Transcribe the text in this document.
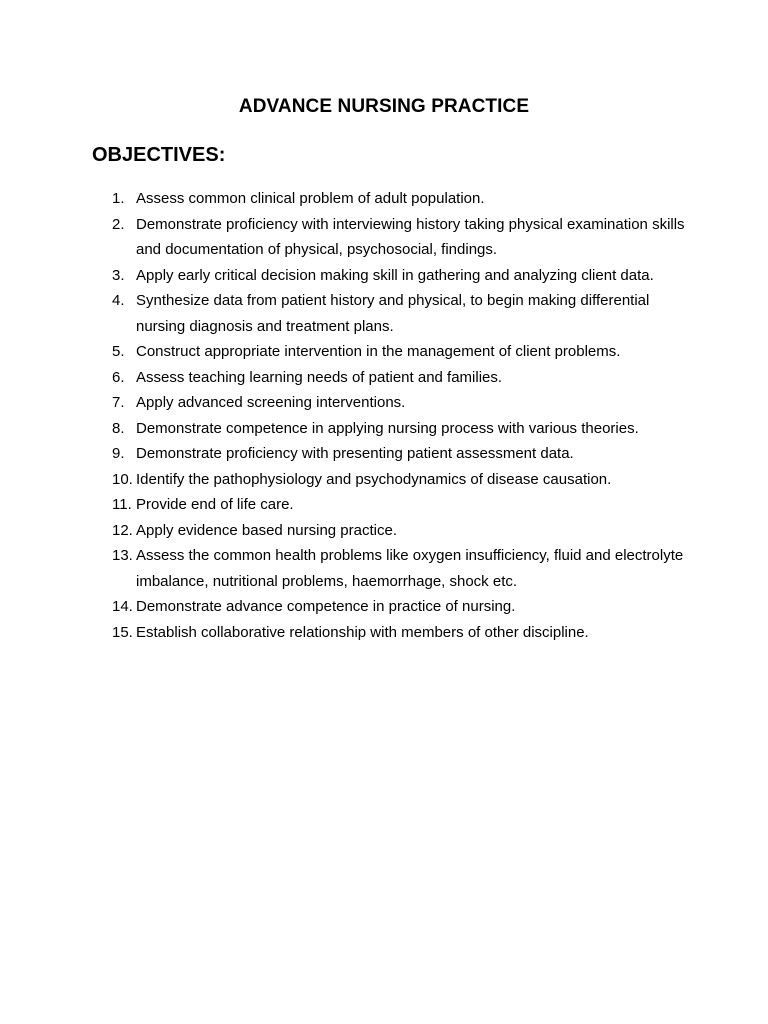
ADVANCE NURSING PRACTICE
OBJECTIVES:
1. Assess common clinical problem of adult population.
2. Demonstrate proficiency with interviewing history taking physical examination skills and documentation of physical, psychosocial, findings.
3. Apply early critical decision making skill in gathering and analyzing client data.
4. Synthesize data from patient history and physical, to begin making differential nursing diagnosis and treatment plans.
5. Construct appropriate intervention in the management of client problems.
6. Assess teaching learning needs of patient and families.
7. Apply advanced screening interventions.
8. Demonstrate competence in applying nursing process with various theories.
9. Demonstrate proficiency with presenting patient assessment data.
10. Identify the pathophysiology and psychodynamics of disease causation.
11. Provide end of life care.
12. Apply evidence based nursing practice.
13. Assess the common health problems like oxygen insufficiency, fluid and electrolyte imbalance, nutritional problems, haemorrhage, shock etc.
14. Demonstrate advance competence in practice of nursing.
15. Establish collaborative relationship with members of other discipline.
